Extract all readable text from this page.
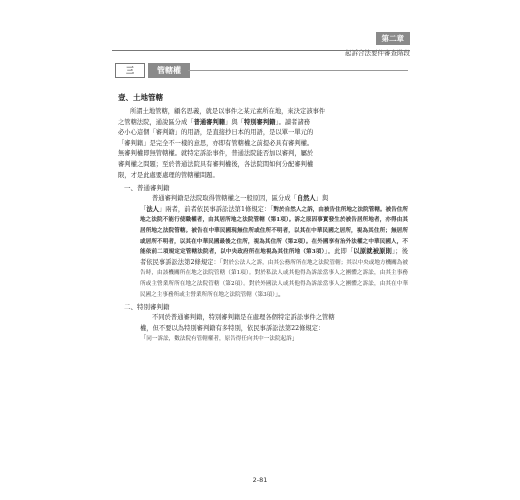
第二章
起訴合法要件審查階段
三	管轄權
壹、土地管轄

所謂土地管轄，顧名思義，就是以事件之某元素所在地，來決定該事件
之管轄法院，通說區分成「普通審判籍」與「特別審判籍」。讀者諸務
必小心這個「審判籍」的用語，是直接抄日本的用語，是以單一單元的
「審判籍」是完全不一樣的意思，亦即有管轄權之前提必具有審判權。
無審判權即無管轄權。就特定訴訟事件，普通法院能否加以審判，屬於
審判權之問題；至於普通法院具有審判權後，各法院間如何分配審判權
限，才是此處要處理的管轄權問題。

一、普通審判籍

普通審判籍是法院取得管轄權之一般原因，區分成「自然人」與
「法人」兩者，前者依民事訴訟法第1條規定：「對於自然人之訴，由被告住所地之法院管轄。被告住所地之法院不能行使職權者，由其居所地之法院管轄（第1項）。訴之原因事實發生於被告居所地者，亦得由其居所地之法院管轄。被告在中華民國現無住所或住所不明者，以其在中華民國之居所，視為其住所；無居所或居所不明者，以其在中華民國最後之住所，視為其住所（第2項）。在外國享有治外法權之中華民國人，不能依前二項規定定管轄法院者，以中央政府所在地視為其住所地（第3項）」。此即「以原就被原則」；後者依民事訴訟法第2條規定：「對於公法人之訴，由其公務所所在地之法院管轄；其以中央或地方機關為被告時，由該機關所在地之法院管轄（第1項）。對於私法人或其他得為訴訟當事人之團體之訴訟，由其主事務所或主營業所所在地之法院管轄（第2項）。對於外國法人或其他得為訴訟當事人之團體之訴訟，由其在中華民國之主事務所或主營業所所在地之法院管轄（第3項）」。

二、特別審判籍

不同於普通審判籍，特別審判籍是在處理各個特定訴訟事件之管轄
權，但不要以為特別審判籍有多特別，依民事訴訟法第22條規定：
「同一訴訟，數法院有管轄權者，原告得任向其中一法院起訴」

2-81
